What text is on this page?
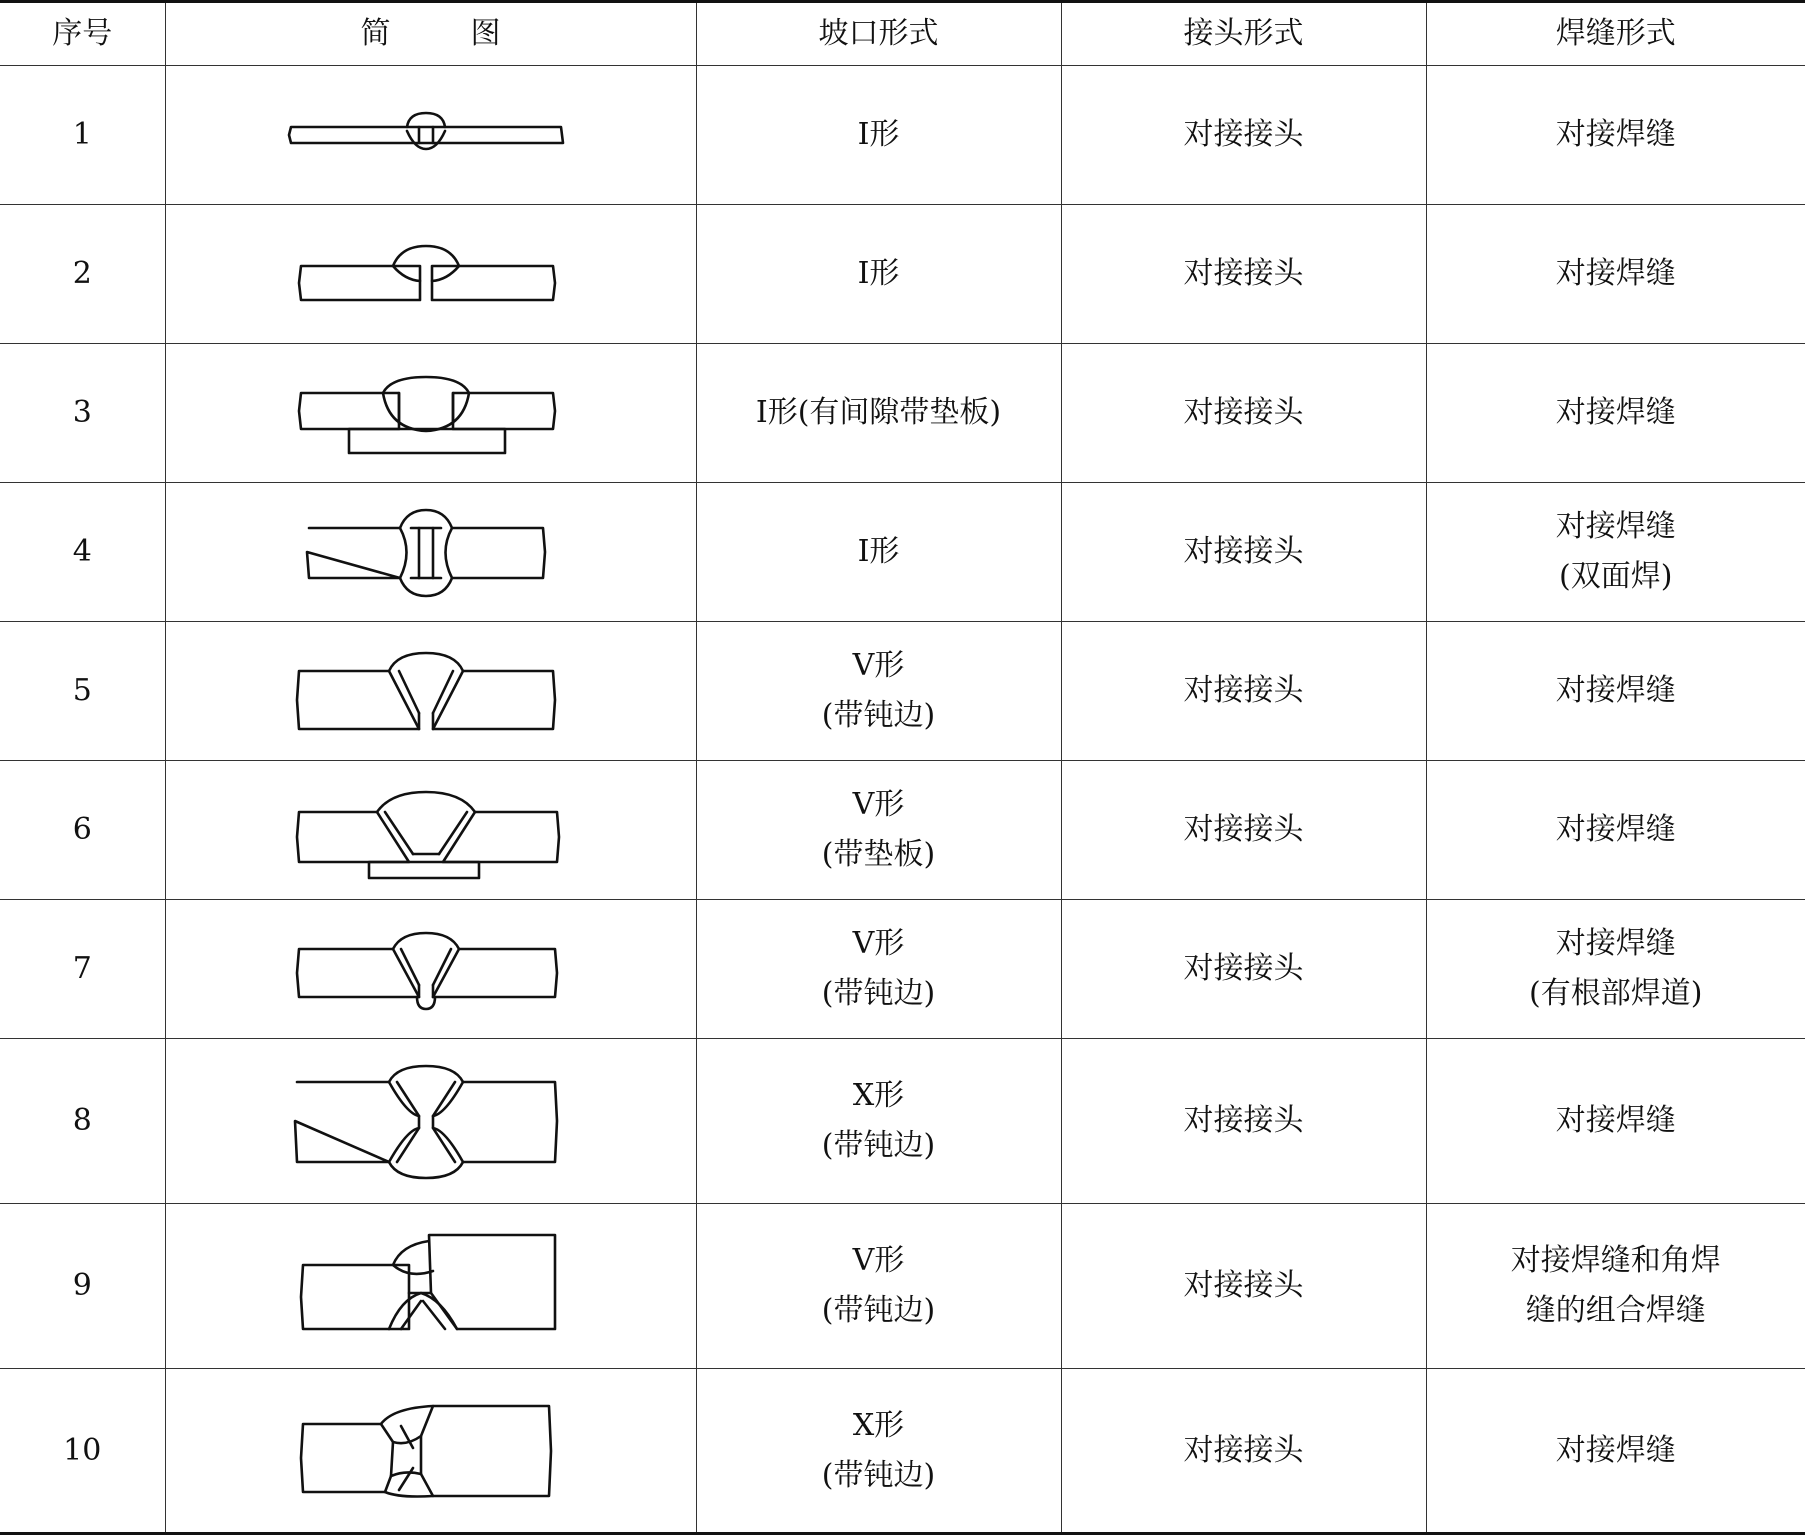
序号	简 图	坡口形式	接头形式	焊缝形式
1		Ⅰ形	对接接头	对接焊缝

2		Ⅰ形	对接接头	对接焊缝

3		Ⅰ形(有间隙带垫板)	对接接头	对接焊缝

4		Ⅰ形	对接接头	对接焊缝
(双面焊)

5		V形
(带钝边)	对接接头	对接焊缝

6		V形
(带垫板)	对接接头	对接焊缝

7		V形
(带钝边)	对接接头	对接焊缝
(有根部焊道)

8		X形
(带钝边)	对接接头	对接焊缝

9		V形
(带钝边)	对接接头	对接焊缝和角焊
缝的组合焊缝

10		X形
(带钝边)	对接接头	对接焊缝
